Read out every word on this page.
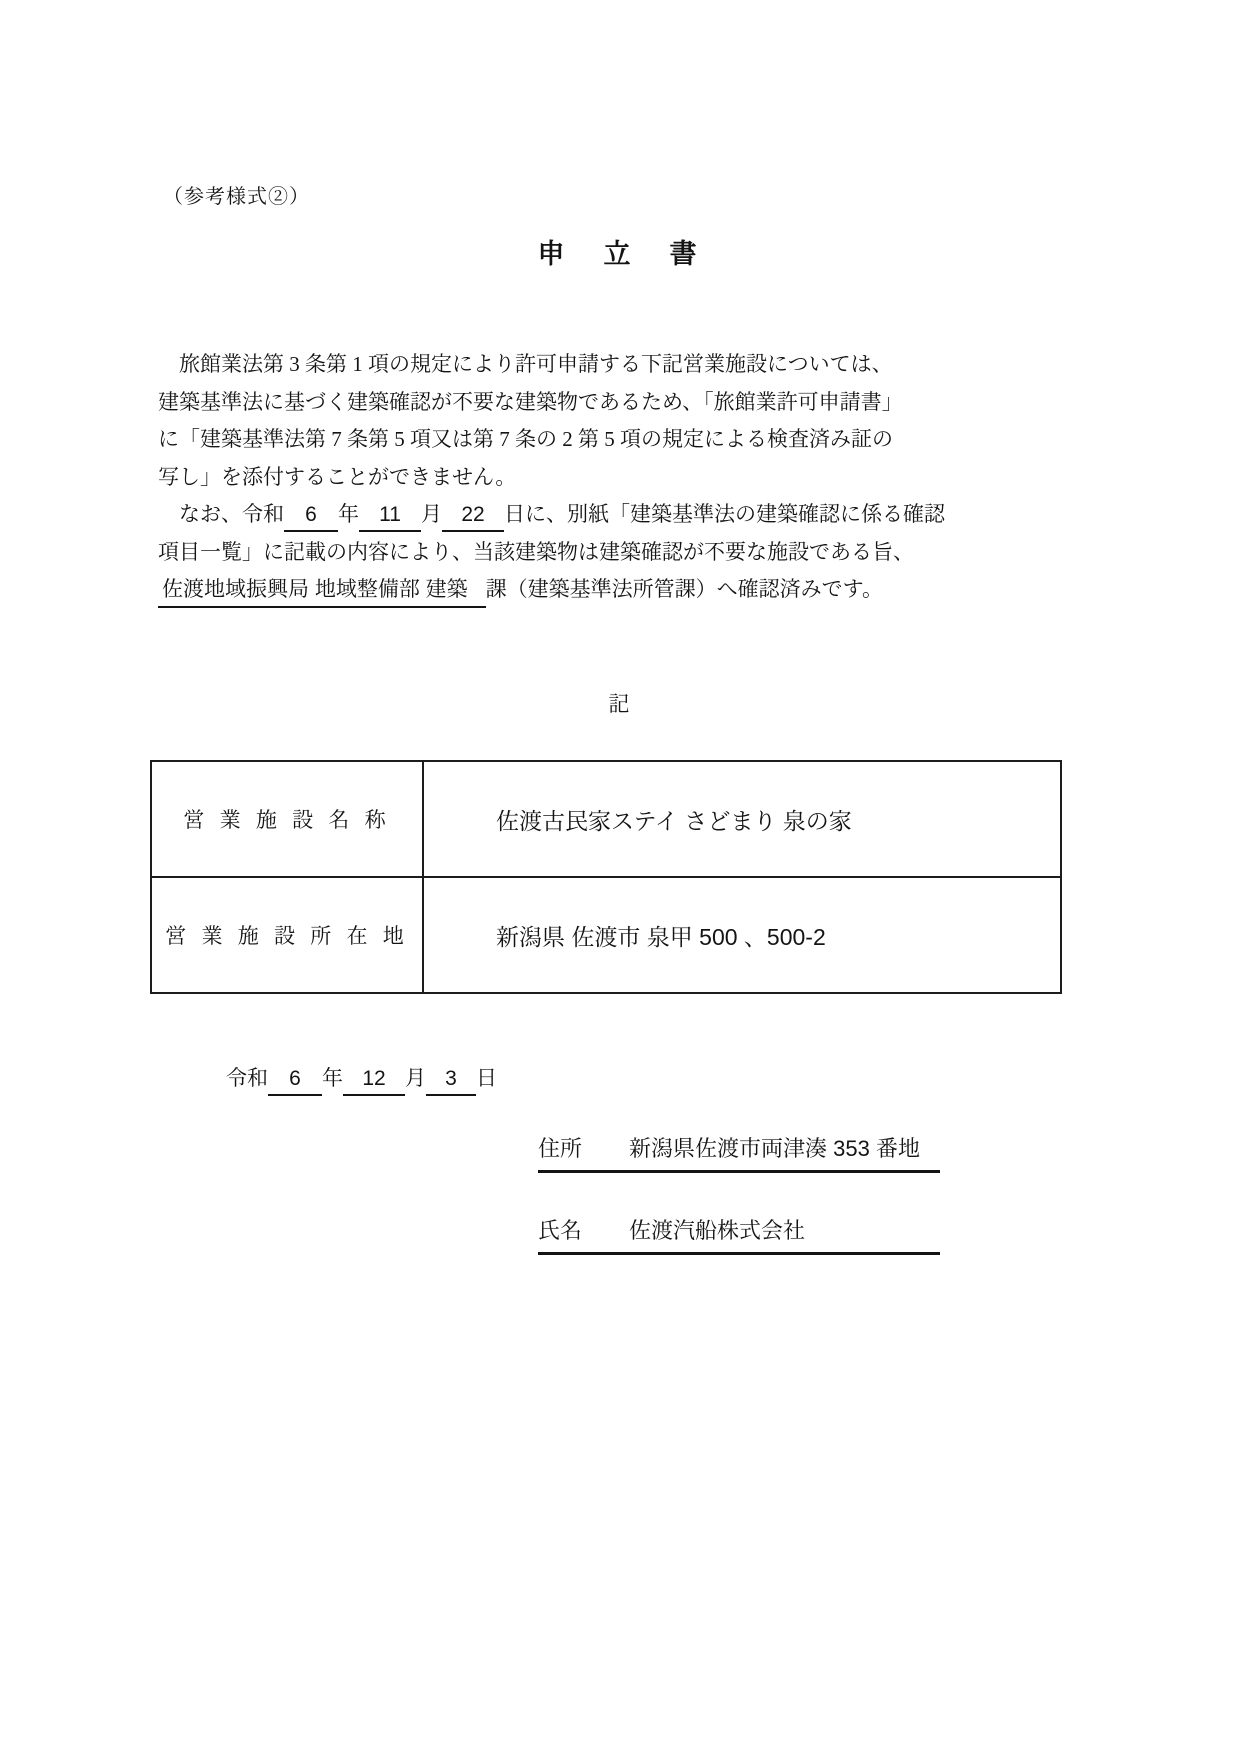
（参考様式②）
申　立　書
　旅館業法第 3 条第 1 項の規定により許可申請する下記営業施設については、
建築基準法に基づく建築確認が不要な建築物であるため、「旅館業許可申請書」
に「建築基準法第 7 条第 5 項又は第 7 条の 2 第 5 項の規定による検査済み証の
写し」を添付することができません。
　なお、令和 6 年 11 月 22 日に、別紙「建築基準法の建築確認に係る確認
項目一覧」に記載の内容により、当該建築物は建築確認が不要な施設である旨、
佐渡地域振興局 地域整備部 建築 課（建築基準法所管課）へ確認済みです。
記
営 業 施 設 名 称	佐渡古民家ステイ さどまり 泉の家
営 業 施 設 所 在 地	新潟県 佐渡市 泉甲 500 、500-2
令和 6 年 12 月 3 日
住所 新潟県佐渡市両津湊 353 番地
氏名 佐渡汽船株式会社
